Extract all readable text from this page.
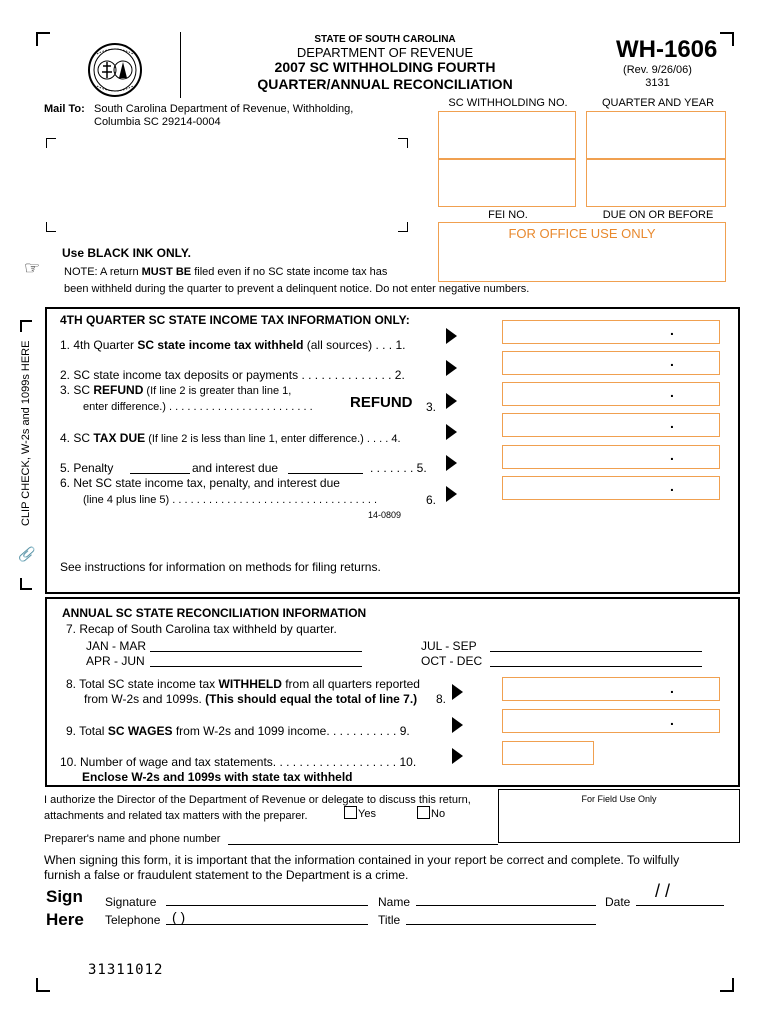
STATE OF SOUTH CAROLINA
DEPARTMENT OF REVENUE
2007 SC WITHHOLDING FOURTH
QUARTER/ANNUAL RECONCILIATION
WH-1606
(Rev. 9/26/06)
3131
Mail To: South Carolina Department of Revenue, Withholding,
Columbia SC 29214-0004
SC WITHHOLDING NO.	QUARTER AND YEAR
FEI NO.	DUE ON OR BEFORE
FOR OFFICE USE ONLY
Use BLACK INK ONLY.
☞ NOTE: A return MUST BE filed even if no SC state income tax has
been withheld during the quarter to prevent a delinquent notice. Do not enter negative numbers.
CLIP CHECK, W-2s and 1099s HERE
📎
4TH QUARTER SC STATE INCOME TAX INFORMATION ONLY:
1. 4th Quarter SC state income tax withheld (all sources) . . . 1.
.
2. SC state income tax deposits or payments . . . . . . . . . . . . . . 2.
.
3. SC REFUND (If line 2 is greater than line 1,
enter difference.) . . . . . . . . . . . . . . . . . . . . . . . . REFUND 3.
.
4. SC TAX DUE (If line 2 is less than line 1, enter difference.) . . . . 4.
.
5. Penalty	and interest due	. . . . . . . 5.
.
6. Net SC state income tax, penalty, and interest due
(line 4 plus line 5) . . . . . . . . . . . . . . . . . . . . . . . . . . . . . . . . . .	6.
.
14-0809
See instructions for information on methods for filing returns.
ANNUAL SC STATE RECONCILIATION INFORMATION
7. Recap of South Carolina tax withheld by quarter.
JAN - MAR
APR - JUN
JUL - SEP
OCT - DEC
8. Total SC state income tax WITHHELD from all quarters reported
from W-2s and 1099s. (This should equal the total of line 7.) 8.
.
9. Total SC WAGES from W-2s and 1099 income. . . . . . . . . . . 9.
.
10. Number of wage and tax statements. . . . . . . . . . . . . . . . . . . 10.
Enclose W-2s and 1099s with state tax withheld
I authorize the Director of the Department of Revenue or delegate to discuss this return,
attachments and related tax matters with the preparer.	Yes	No
For Field Use Only
Preparer's name and phone number
When signing this form, it is important that the information contained in your report be correct and complete. To wilfully
furnish a false or fraudulent statement to the Department is a crime.
Sign
Here
Signature
Telephone ( )
Name
Title
Date
/ /
31311012
